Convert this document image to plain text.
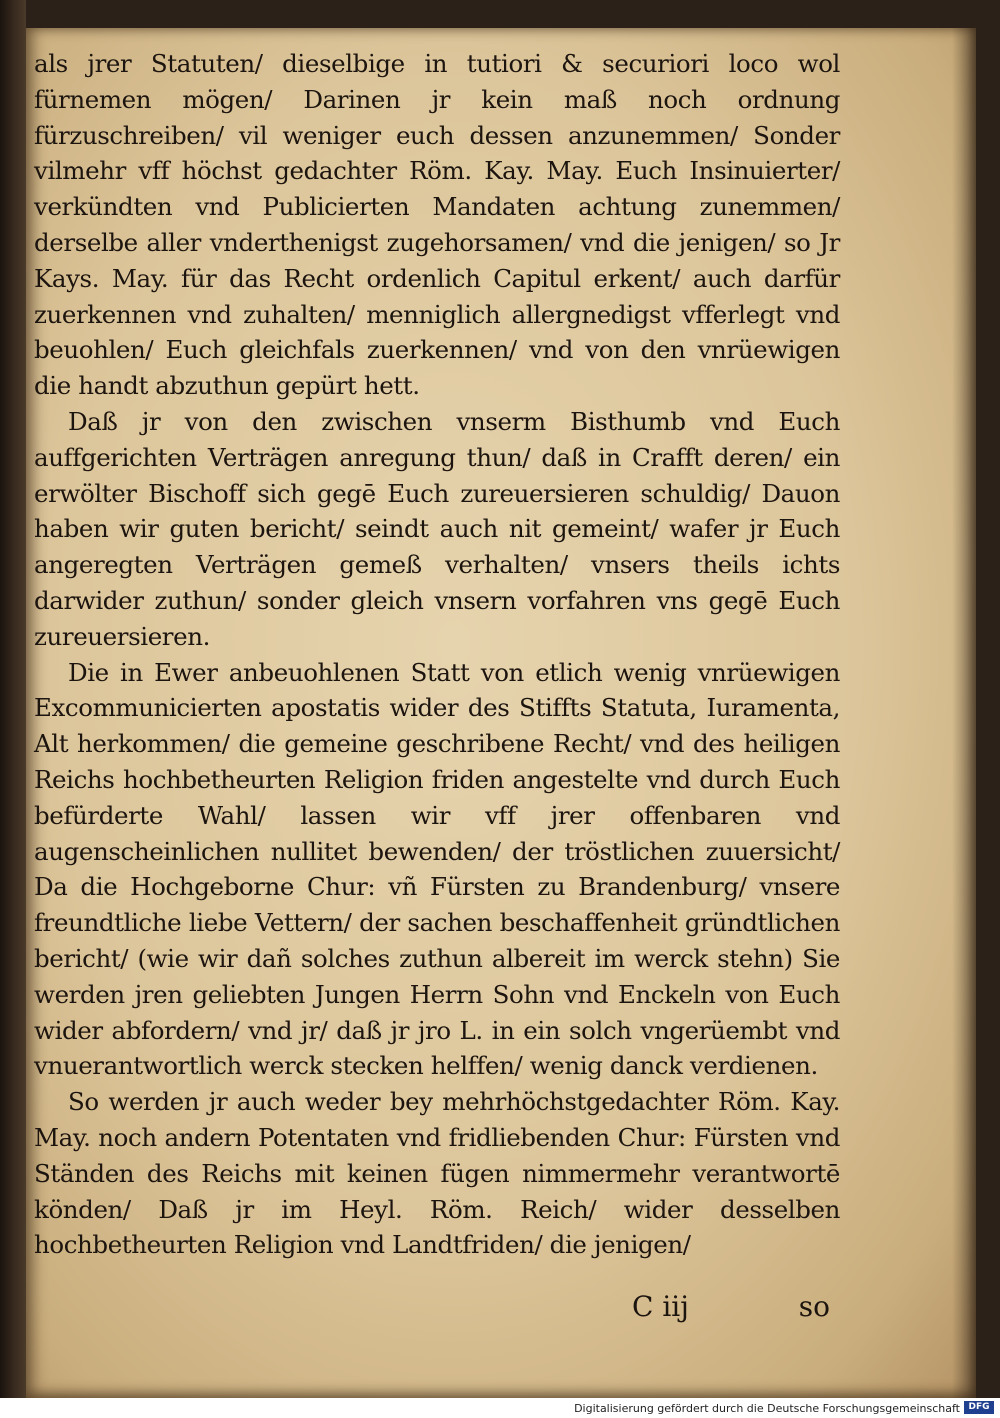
als jrer Statuten/ dieselbige in tutiori & securiori loco wol fürnemen mögen/ Darinen jr kein maß noch ordnung fürzuschreiben/ vil weniger euch dessen anzunemmen/ Sonder vilmehr vff höchst gedachter Röm. Kay. May. Euch Insinuierter/ verkündten vnd Publicierten Mandaten achtung zunemmen/ derselbe aller vnderthenigst zugehorsamen/ vnd die jenigen/ so Jr Kays. May. für das Recht ordenlich Capitul erkent/ auch darfür zuerkennen vnd zuhalten/ menniglich allergnedigst vfferlegt vnd beuohlen/ Euch gleichfals zuerkennen/ vnd von den vnrüewigen die handt abzuthun gepürt hett.

Daß jr von den zwischen vnserm Bisthumb vnd Euch auffgerichten Verträgen anregung thun/ daß in Crafft deren/ ein erwölter Bischoff sich gegē Euch zureuersieren schuldig/ Dauon haben wir guten bericht/ seindt auch nit gemeint/ wafer jr Euch angeregten Verträgen gemeß verhalten/ vnsers theils ichts darwider zuthun/ sonder gleich vnsern vorfahren vns gegē Euch zureuersieren.

Die in Ewer anbeuohlenen Statt von etlich wenig vnrüewigen Excommunicierten apostatis wider des Stiffts Statuta, Iuramenta, Alt herkommen/ die gemeine geschribene Recht/ vnd des heiligen Reichs hochbetheurten Religion friden angestelte vnd durch Euch befürderte Wahl/ lassen wir vff jrer offenbaren vnd augenscheinlichen nullitet bewenden/ der tröstlichen zuuersicht/ Da die Hochgeborne Chur: vñ Fürsten zu Brandenburg/ vnsere freundtliche liebe Vettern/ der sachen beschaffenheit gründtlichen bericht/ (wie wir dañ solches zuthun albereit im werck stehn) Sie werden jren geliebten Jungen Herrn Sohn vnd Enckeln von Euch wider abfordern/ vnd jr/ daß jr jro L. in ein solch vngerüembt vnd vnuerantwortlich werck stecken helffen/ wenig danck verdienen.

So werden jr auch weder bey mehrhöchstgedachter Röm. Kay. May. noch andern Potentaten vnd fridliebenden Chur: Fürsten vnd Ständen des Reichs mit keinen fügen nimmermehr verantwortē könden/ Daß jr im Heyl. Röm. Reich/ wider desselben hochbetheurten Religion vnd Landtfriden/ die jenigen/

C iij	so
Digitalisierung gefördert durch die Deutsche Forschungsgemeinschaft DFG
